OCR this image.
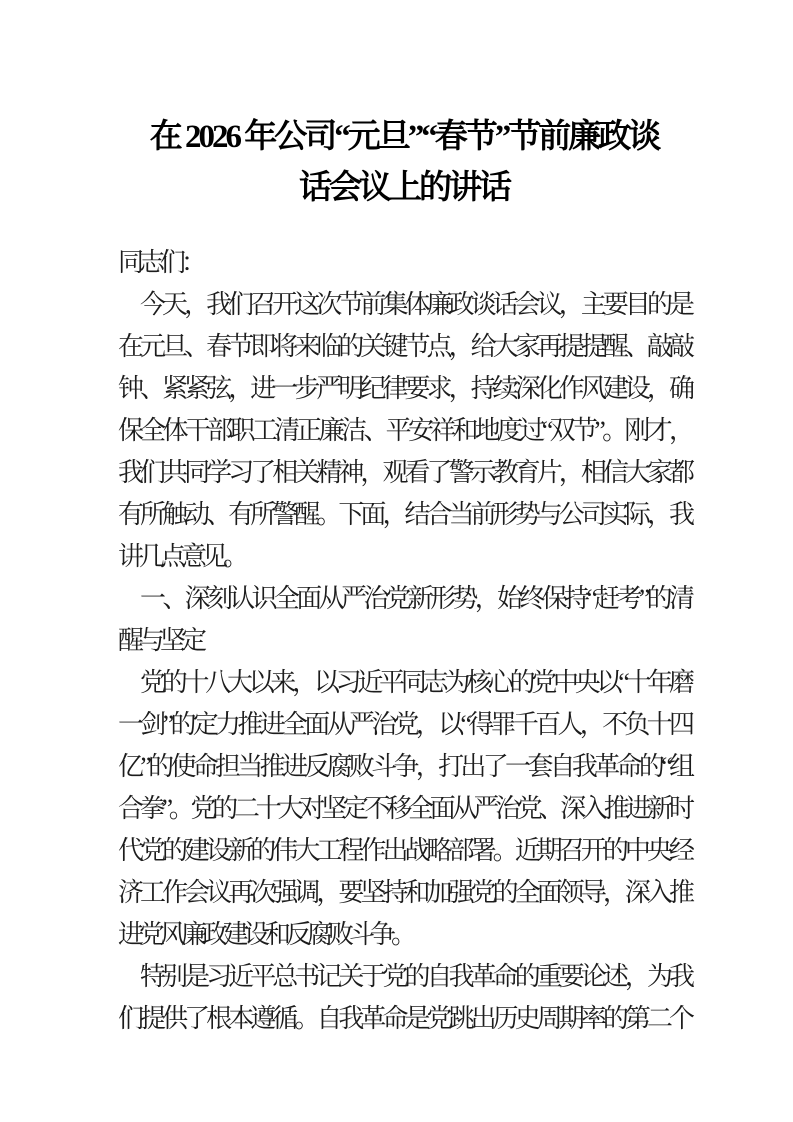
在 2026 年公司“元旦”“春节”节前廉政谈
话会议上的讲话
同志们：
今天，我们召开这次节前集体廉政谈话会议，主要目的是
在元旦、春节即将来临的关键节点，给大家再提提醒、敲敲
钟、紧紧弦，进一步严明纪律要求，持续深化作风建设，确
保全体干部职工清正廉洁、平安祥和地度过“双节”。刚才，
我们共同学习了相关精神，观看了警示教育片，相信大家都
有所触动、有所警醒。下面，结合当前形势与公司实际，我
讲几点意见。
一、深刻认识全面从严治党新形势，始终保持“赶考”的清
醒与坚定
党的十八大以来，以习近平同志为核心的党中央以“十年磨
一剑”的定力推进全面从严治党，以“得罪千百人，不负十四
亿”的使命担当推进反腐败斗争，打出了一套自我革命的“组
合拳”。党的二十大对坚定不移全面从严治党、深入推进新时
代党的建设新的伟大工程作出战略部署。近期召开的中央经
济工作会议再次强调，要坚持和加强党的全面领导，深入推
进党风廉政建设和反腐败斗争。
特别是习近平总书记关于党的自我革命的重要论述，为我
们提供了根本遵循。自我革命是党跳出历史周期率的第二个
